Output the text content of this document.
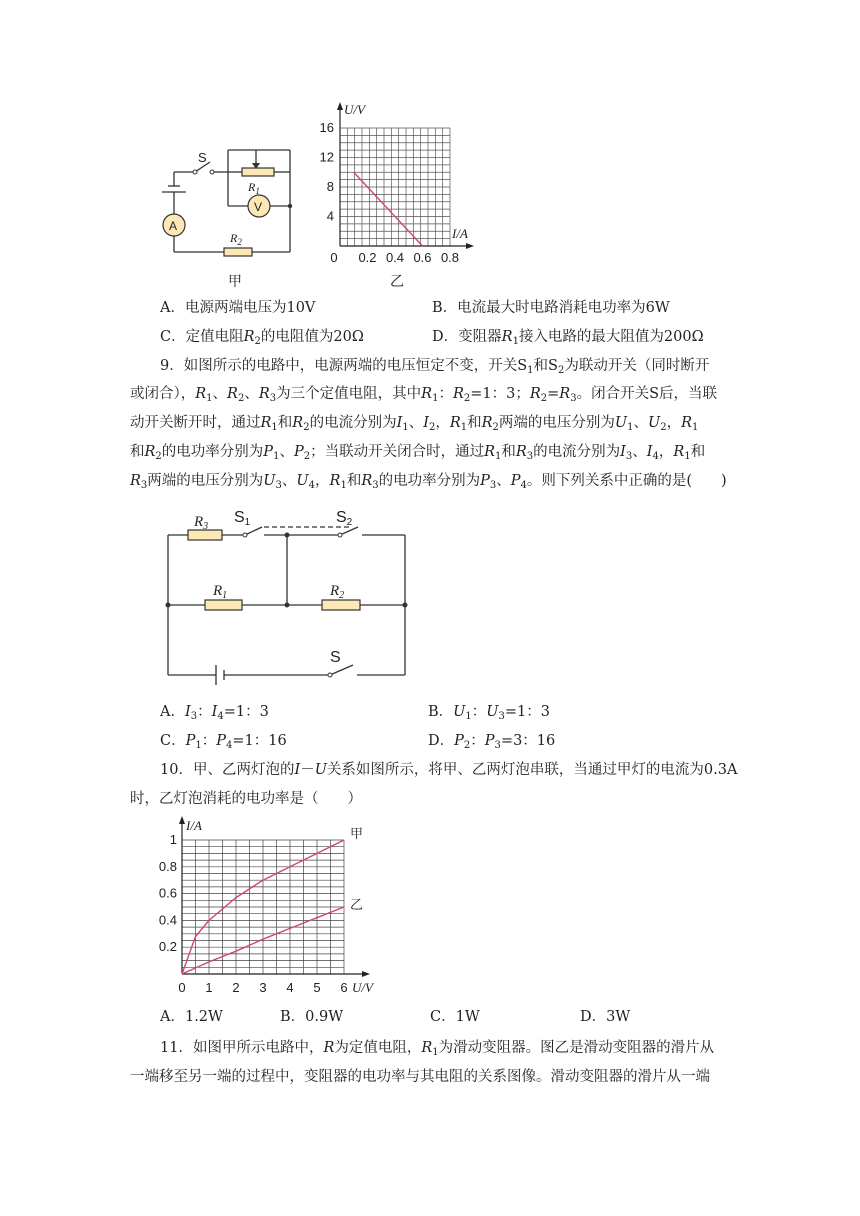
S
$R_1$
A
V
$R_2$
甲
16
12
8
4
0 0.2 0.4 0.6 0.8
U/V
I/A
乙
A．电源两端电压为10V	B．电流最大时电路消耗电功率为6W
C．定值电阻$R_2$的电阻值为20Ω	D．变阻器$R_1$接入电路的最大阻值为200Ω
9．如图所示的电路中，电源两端的电压恒定不变，开关$S_1$和$S_2$为联动开关（同时断开
或闭合），$R_1$、$R_2$、$R_3$为三个定值电阻，其中$R_1$：$R_2=1$：3；$R_2=R_3$。闭合开关S后，当联
动开关断开时，通过$R_1$和$R_2$的电流分别为$I_1$、$I_2$，$R_1$和$R_2$两端的电压分别为$U_1$、$U_2$，$R_1$
和$R_2$的电功率分别为$P_1$、$P_2$；当联动开关闭合时，通过$R_1$和$R_3$的电流分别为$I_3$、$I_4$，$R_1$和
$R_3$两端的电压分别为$U_3$、$U_4$，$R_1$和$R_3$的电功率分别为$P_3$、$P_4$。则下列关系中正确的是(　　)
$R_3$
S1	S2
$R_1$	$R_2$
S
A．$I_3$：$I_4=1$：3	B．$U_1$：$U_3=1$：3
C．$P_1$：$P_4=1$：16	D．$P_2$：$P_3=3$：16
10．甲、乙两灯泡的I－U关系如图所示，将甲、乙两灯泡串联，当通过甲灯的电流为0.3A
时，乙灯泡消耗的电功率是（　　）
1
0.8
0.6
0.4
0.2
0 1 2 3 4 5 6
I/A
U/V
甲
乙
A．1.2W	B．0.9W	C．1W	D．3W
11．如图甲所示电路中，R为定值电阻，$R_1$为滑动变阻器。图乙是滑动变阻器的滑片从
一端移至另一端的过程中，变阻器的电功率与其电阻的关系图像。滑动变阻器的滑片从一端
